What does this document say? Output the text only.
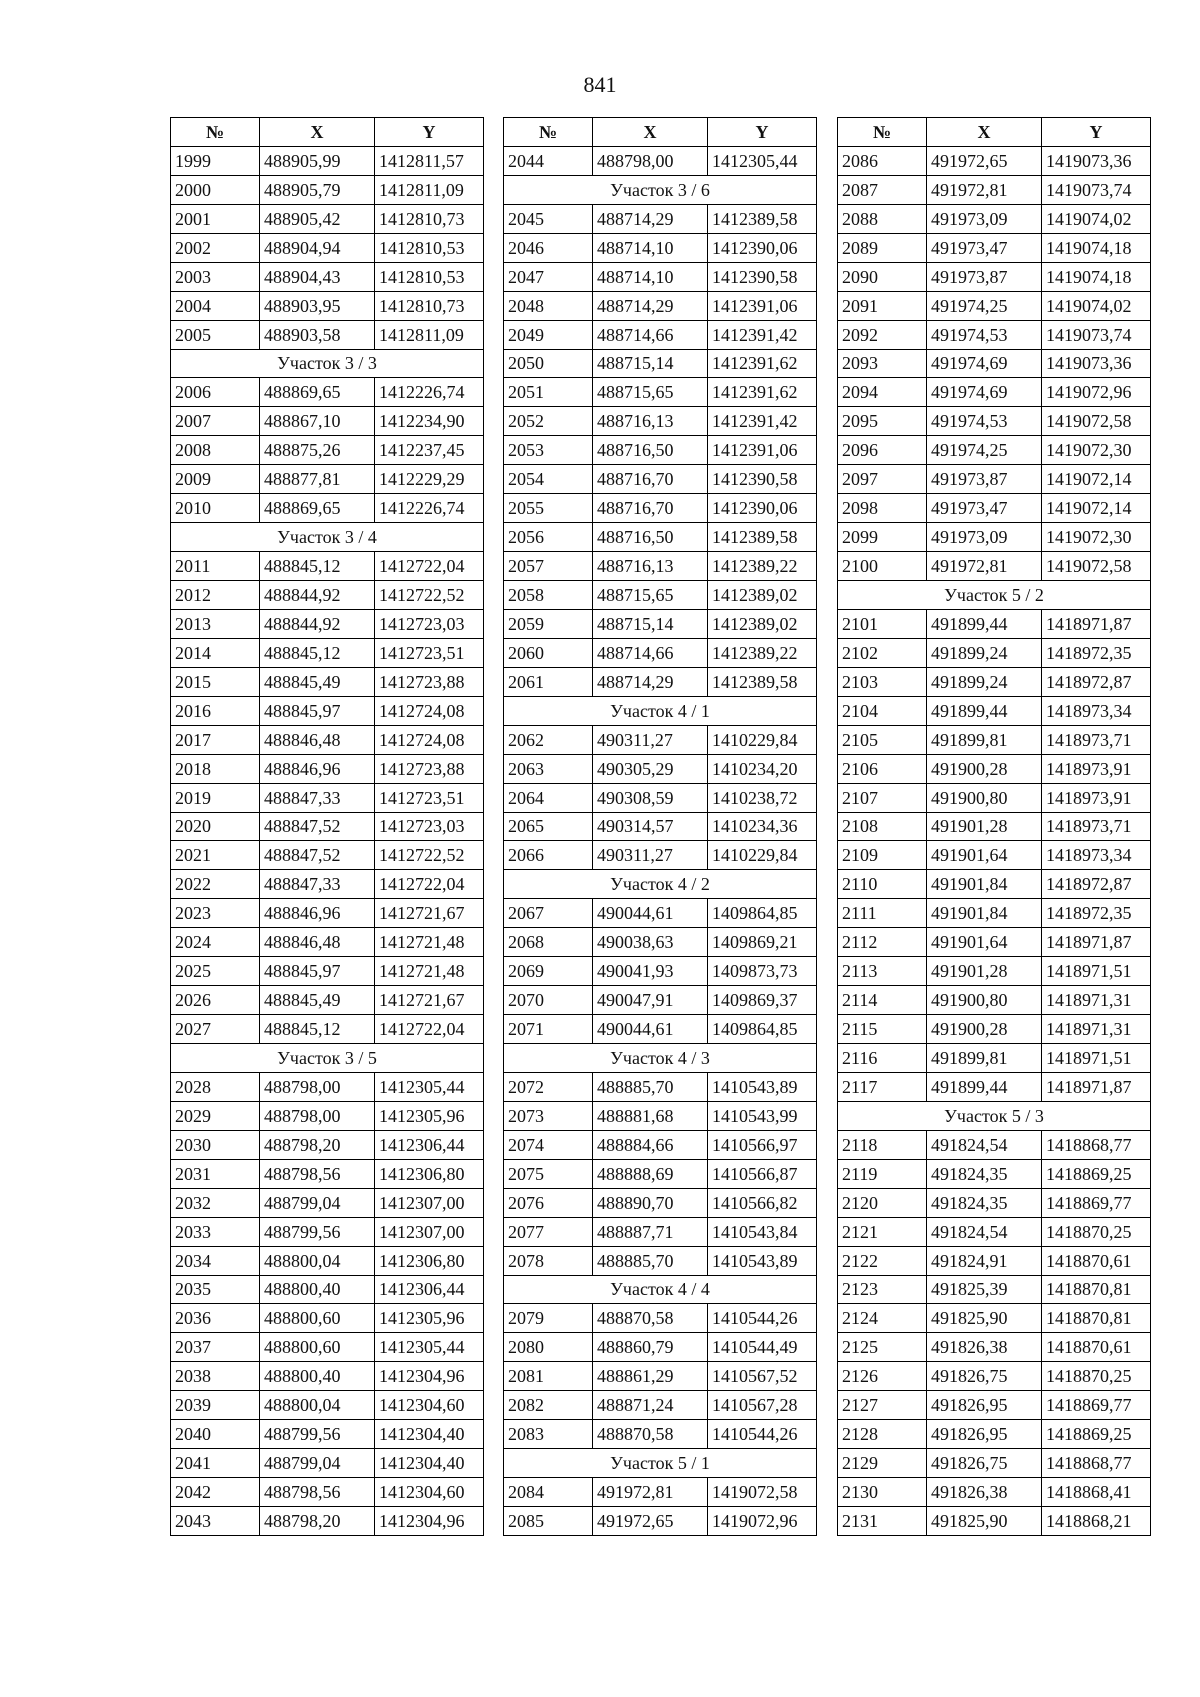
841
№	X	Y
1999	488905,99	1412811,57
2000	488905,79	1412811,09
2001	488905,42	1412810,73
2002	488904,94	1412810,53
2003	488904,43	1412810,53
2004	488903,95	1412810,73
2005	488903,58	1412811,09
Участок 3 / 3		
2006	488869,65	1412226,74
2007	488867,10	1412234,90
2008	488875,26	1412237,45
2009	488877,81	1412229,29
2010	488869,65	1412226,74
Участок 3 / 4		
2011	488845,12	1412722,04
2012	488844,92	1412722,52
2013	488844,92	1412723,03
2014	488845,12	1412723,51
2015	488845,49	1412723,88
2016	488845,97	1412724,08
2017	488846,48	1412724,08
2018	488846,96	1412723,88
2019	488847,33	1412723,51
2020	488847,52	1412723,03
2021	488847,52	1412722,52
2022	488847,33	1412722,04
2023	488846,96	1412721,67
2024	488846,48	1412721,48
2025	488845,97	1412721,48
2026	488845,49	1412721,67
2027	488845,12	1412722,04
Участок 3 / 5		
2028	488798,00	1412305,44
2029	488798,00	1412305,96
2030	488798,20	1412306,44
2031	488798,56	1412306,80
2032	488799,04	1412307,00
2033	488799,56	1412307,00
2034	488800,04	1412306,80
2035	488800,40	1412306,44
2036	488800,60	1412305,96
2037	488800,60	1412305,44
2038	488800,40	1412304,96
2039	488800,04	1412304,60
2040	488799,56	1412304,40
2041	488799,04	1412304,40
2042	488798,56	1412304,60
2043	488798,20	1412304,96
№	X	Y
2044	488798,00	1412305,44
Участок 3 / 6		
2045	488714,29	1412389,58
2046	488714,10	1412390,06
2047	488714,10	1412390,58
2048	488714,29	1412391,06
2049	488714,66	1412391,42
2050	488715,14	1412391,62
2051	488715,65	1412391,62
2052	488716,13	1412391,42
2053	488716,50	1412391,06
2054	488716,70	1412390,58
2055	488716,70	1412390,06
2056	488716,50	1412389,58
2057	488716,13	1412389,22
2058	488715,65	1412389,02
2059	488715,14	1412389,02
2060	488714,66	1412389,22
2061	488714,29	1412389,58
Участок 4 / 1		
2062	490311,27	1410229,84
2063	490305,29	1410234,20
2064	490308,59	1410238,72
2065	490314,57	1410234,36
2066	490311,27	1410229,84
Участок 4 / 2		
2067	490044,61	1409864,85
2068	490038,63	1409869,21
2069	490041,93	1409873,73
2070	490047,91	1409869,37
2071	490044,61	1409864,85
Участок 4 / 3		
2072	488885,70	1410543,89
2073	488881,68	1410543,99
2074	488884,66	1410566,97
2075	488888,69	1410566,87
2076	488890,70	1410566,82
2077	488887,71	1410543,84
2078	488885,70	1410543,89
Участок 4 / 4		
2079	488870,58	1410544,26
2080	488860,79	1410544,49
2081	488861,29	1410567,52
2082	488871,24	1410567,28
2083	488870,58	1410544,26
Участок 5 / 1		
2084	491972,81	1419072,58
2085	491972,65	1419072,96
№	X	Y
2086	491972,65	1419073,36
2087	491972,81	1419073,74
2088	491973,09	1419074,02
2089	491973,47	1419074,18
2090	491973,87	1419074,18
2091	491974,25	1419074,02
2092	491974,53	1419073,74
2093	491974,69	1419073,36
2094	491974,69	1419072,96
2095	491974,53	1419072,58
2096	491974,25	1419072,30
2097	491973,87	1419072,14
2098	491973,47	1419072,14
2099	491973,09	1419072,30
2100	491972,81	1419072,58
Участок 5 / 2		
2101	491899,44	1418971,87
2102	491899,24	1418972,35
2103	491899,24	1418972,87
2104	491899,44	1418973,34
2105	491899,81	1418973,71
2106	491900,28	1418973,91
2107	491900,80	1418973,91
2108	491901,28	1418973,71
2109	491901,64	1418973,34
2110	491901,84	1418972,87
2111	491901,84	1418972,35
2112	491901,64	1418971,87
2113	491901,28	1418971,51
2114	491900,80	1418971,31
2115	491900,28	1418971,31
2116	491899,81	1418971,51
2117	491899,44	1418971,87
Участок 5 / 3		
2118	491824,54	1418868,77
2119	491824,35	1418869,25
2120	491824,35	1418869,77
2121	491824,54	1418870,25
2122	491824,91	1418870,61
2123	491825,39	1418870,81
2124	491825,90	1418870,81
2125	491826,38	1418870,61
2126	491826,75	1418870,25
2127	491826,95	1418869,77
2128	491826,95	1418869,25
2129	491826,75	1418868,77
2130	491826,38	1418868,41
2131	491825,90	1418868,21
